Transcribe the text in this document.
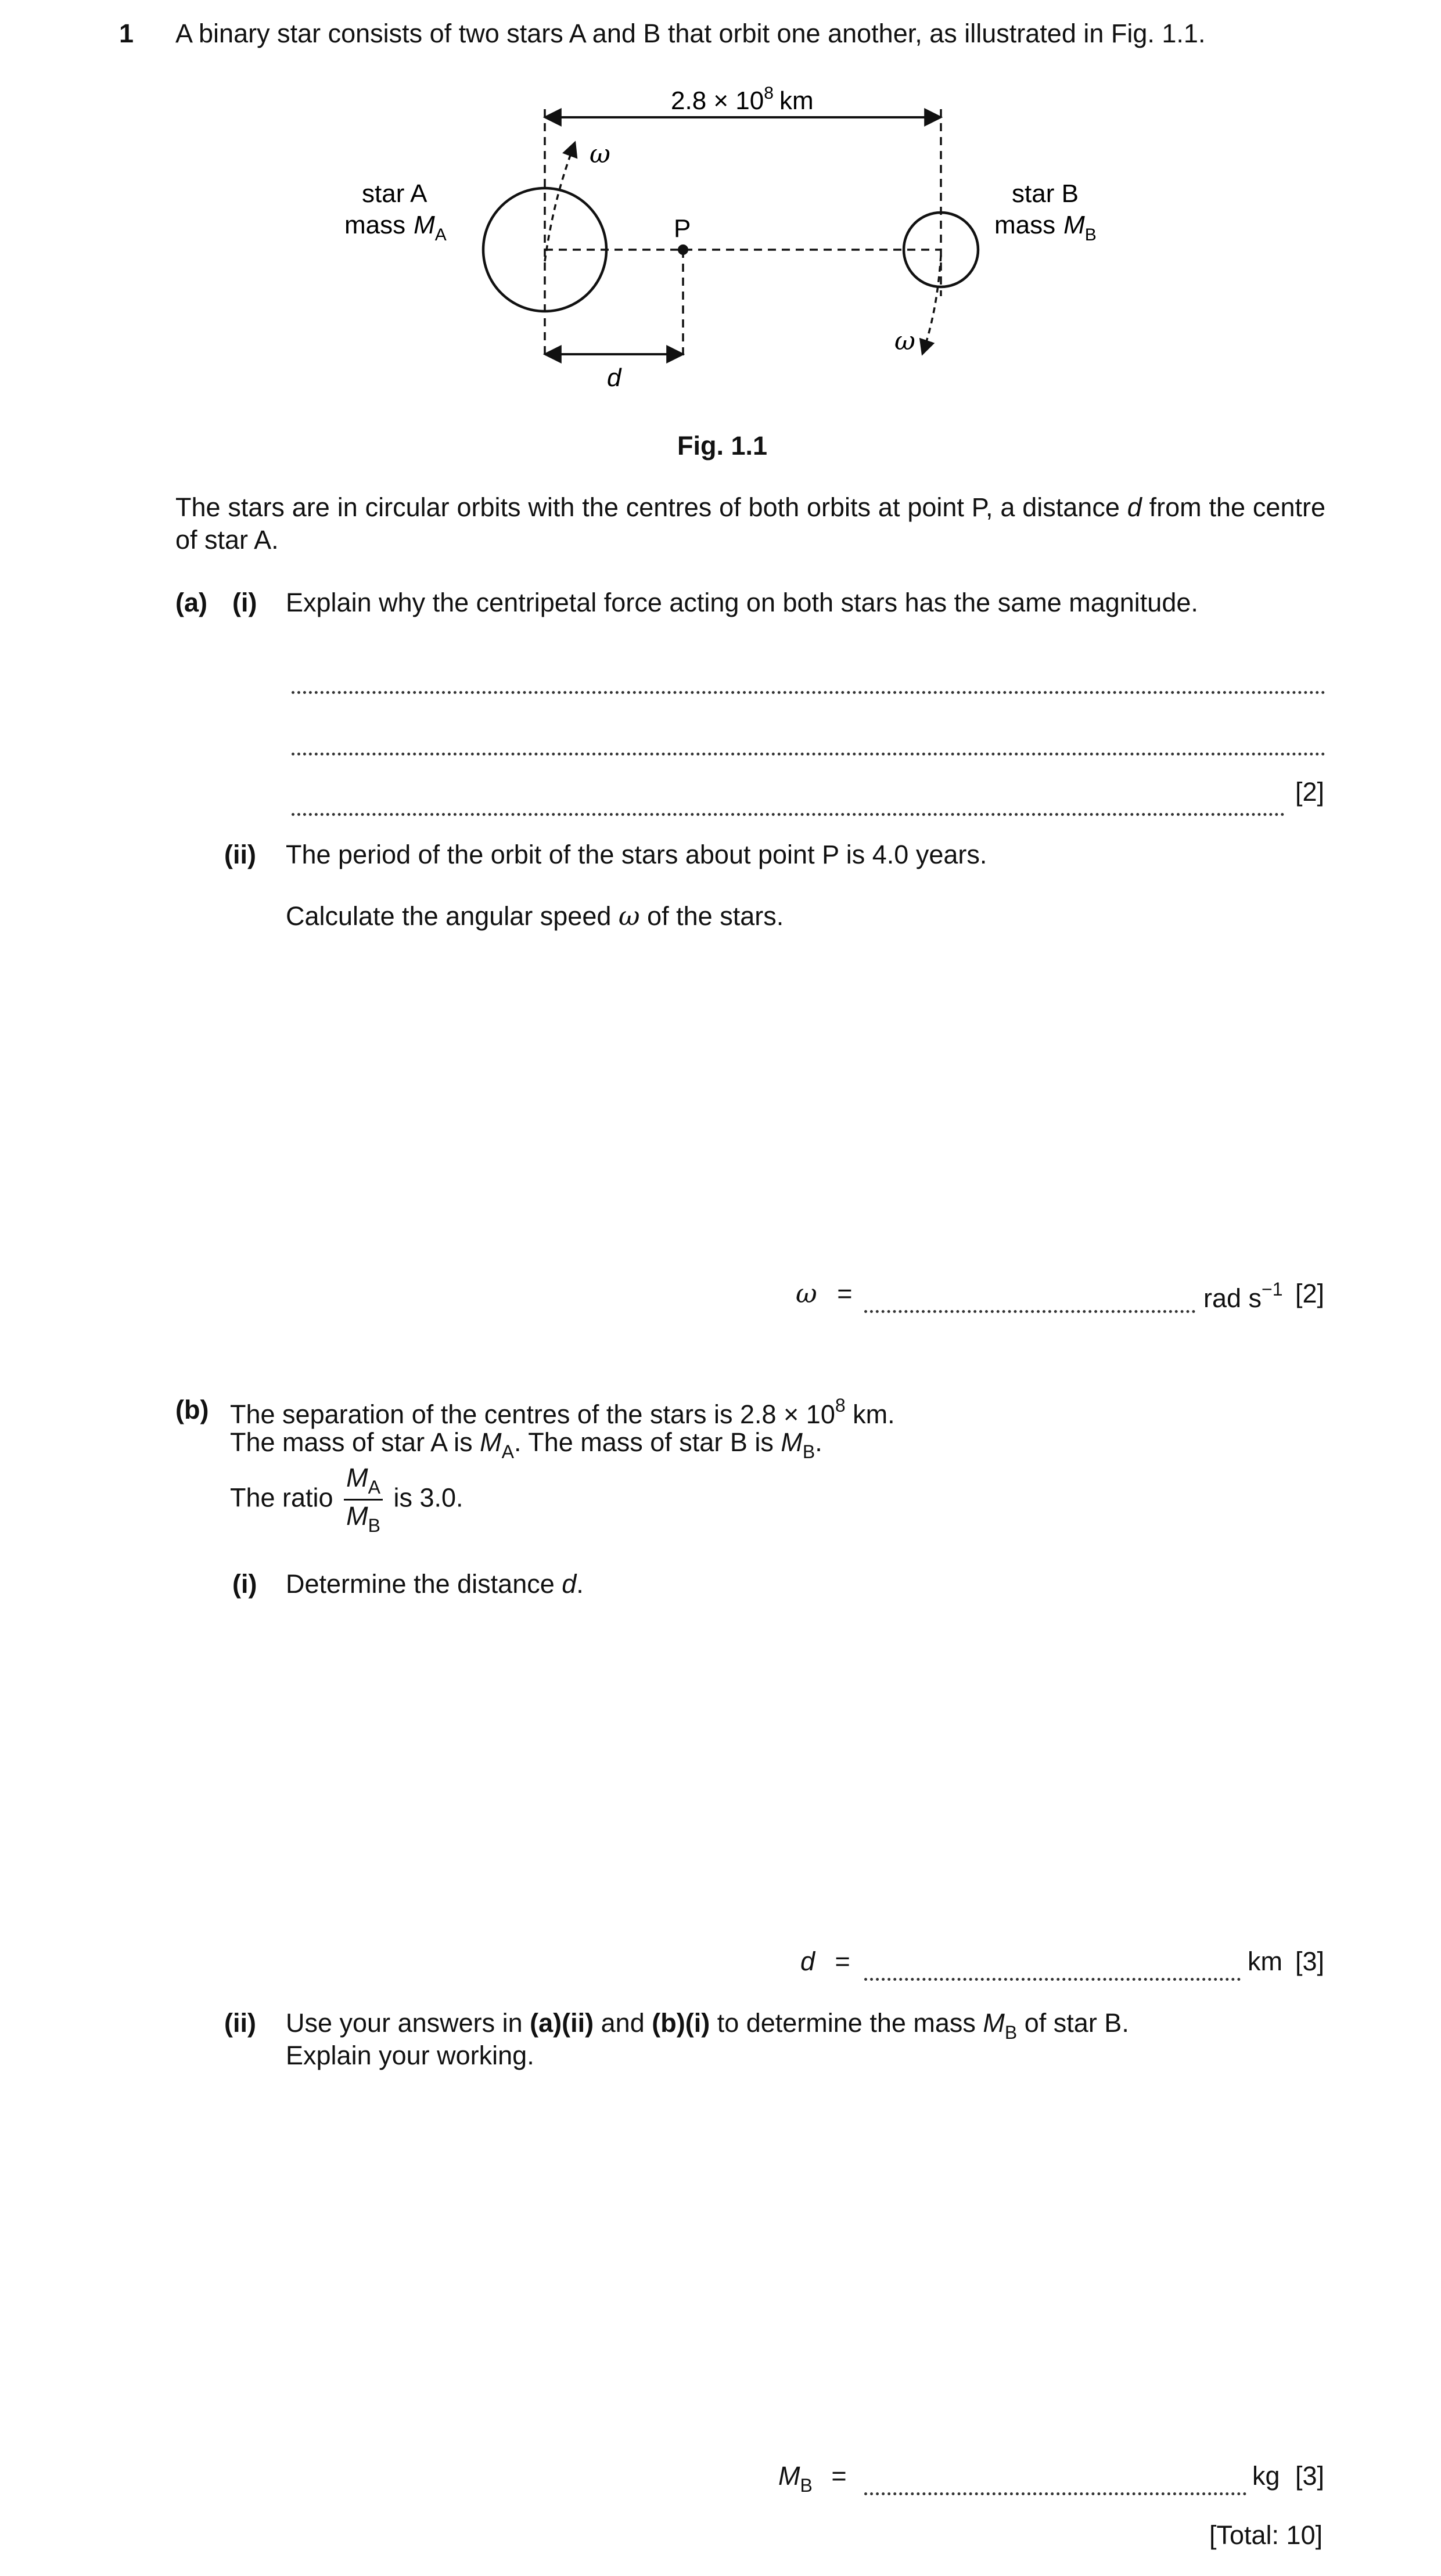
1 A binary star consists of two stars A and B that orbit one another, as illustrated in Fig. 1.1.
$2.8 \times 10^8$ km
P
ω
ω
star A
mass $M_A$
star B
mass $M_B$
d
Fig. 1.1
The stars are in circular orbits with the centres of both orbits at point P, a distance d from the centre of star A.
(a) (i) Explain why the centripetal force acting on both stars has the same magnitude.
[2]
(ii) The period of the orbit of the stars about point P is 4.0 years.
Calculate the angular speed ω of the stars.
ω =	rad $s^{-1}$ [2]
(b) The separation of the centres of the stars is $2.8 \times 10^8$ km.
The mass of star A is $M_A$. The mass of star B is $M_B$.
The ratio $\frac{M_A}{M_B}$ is 3.0.
(i) Determine the distance d.
d =	km [3]
(ii) Use your answers in (a)(ii) and (b)(i) to determine the mass $M_B$ of star B.
Explain your working.
$M_B$ =	kg [3]
[Total: 10]
